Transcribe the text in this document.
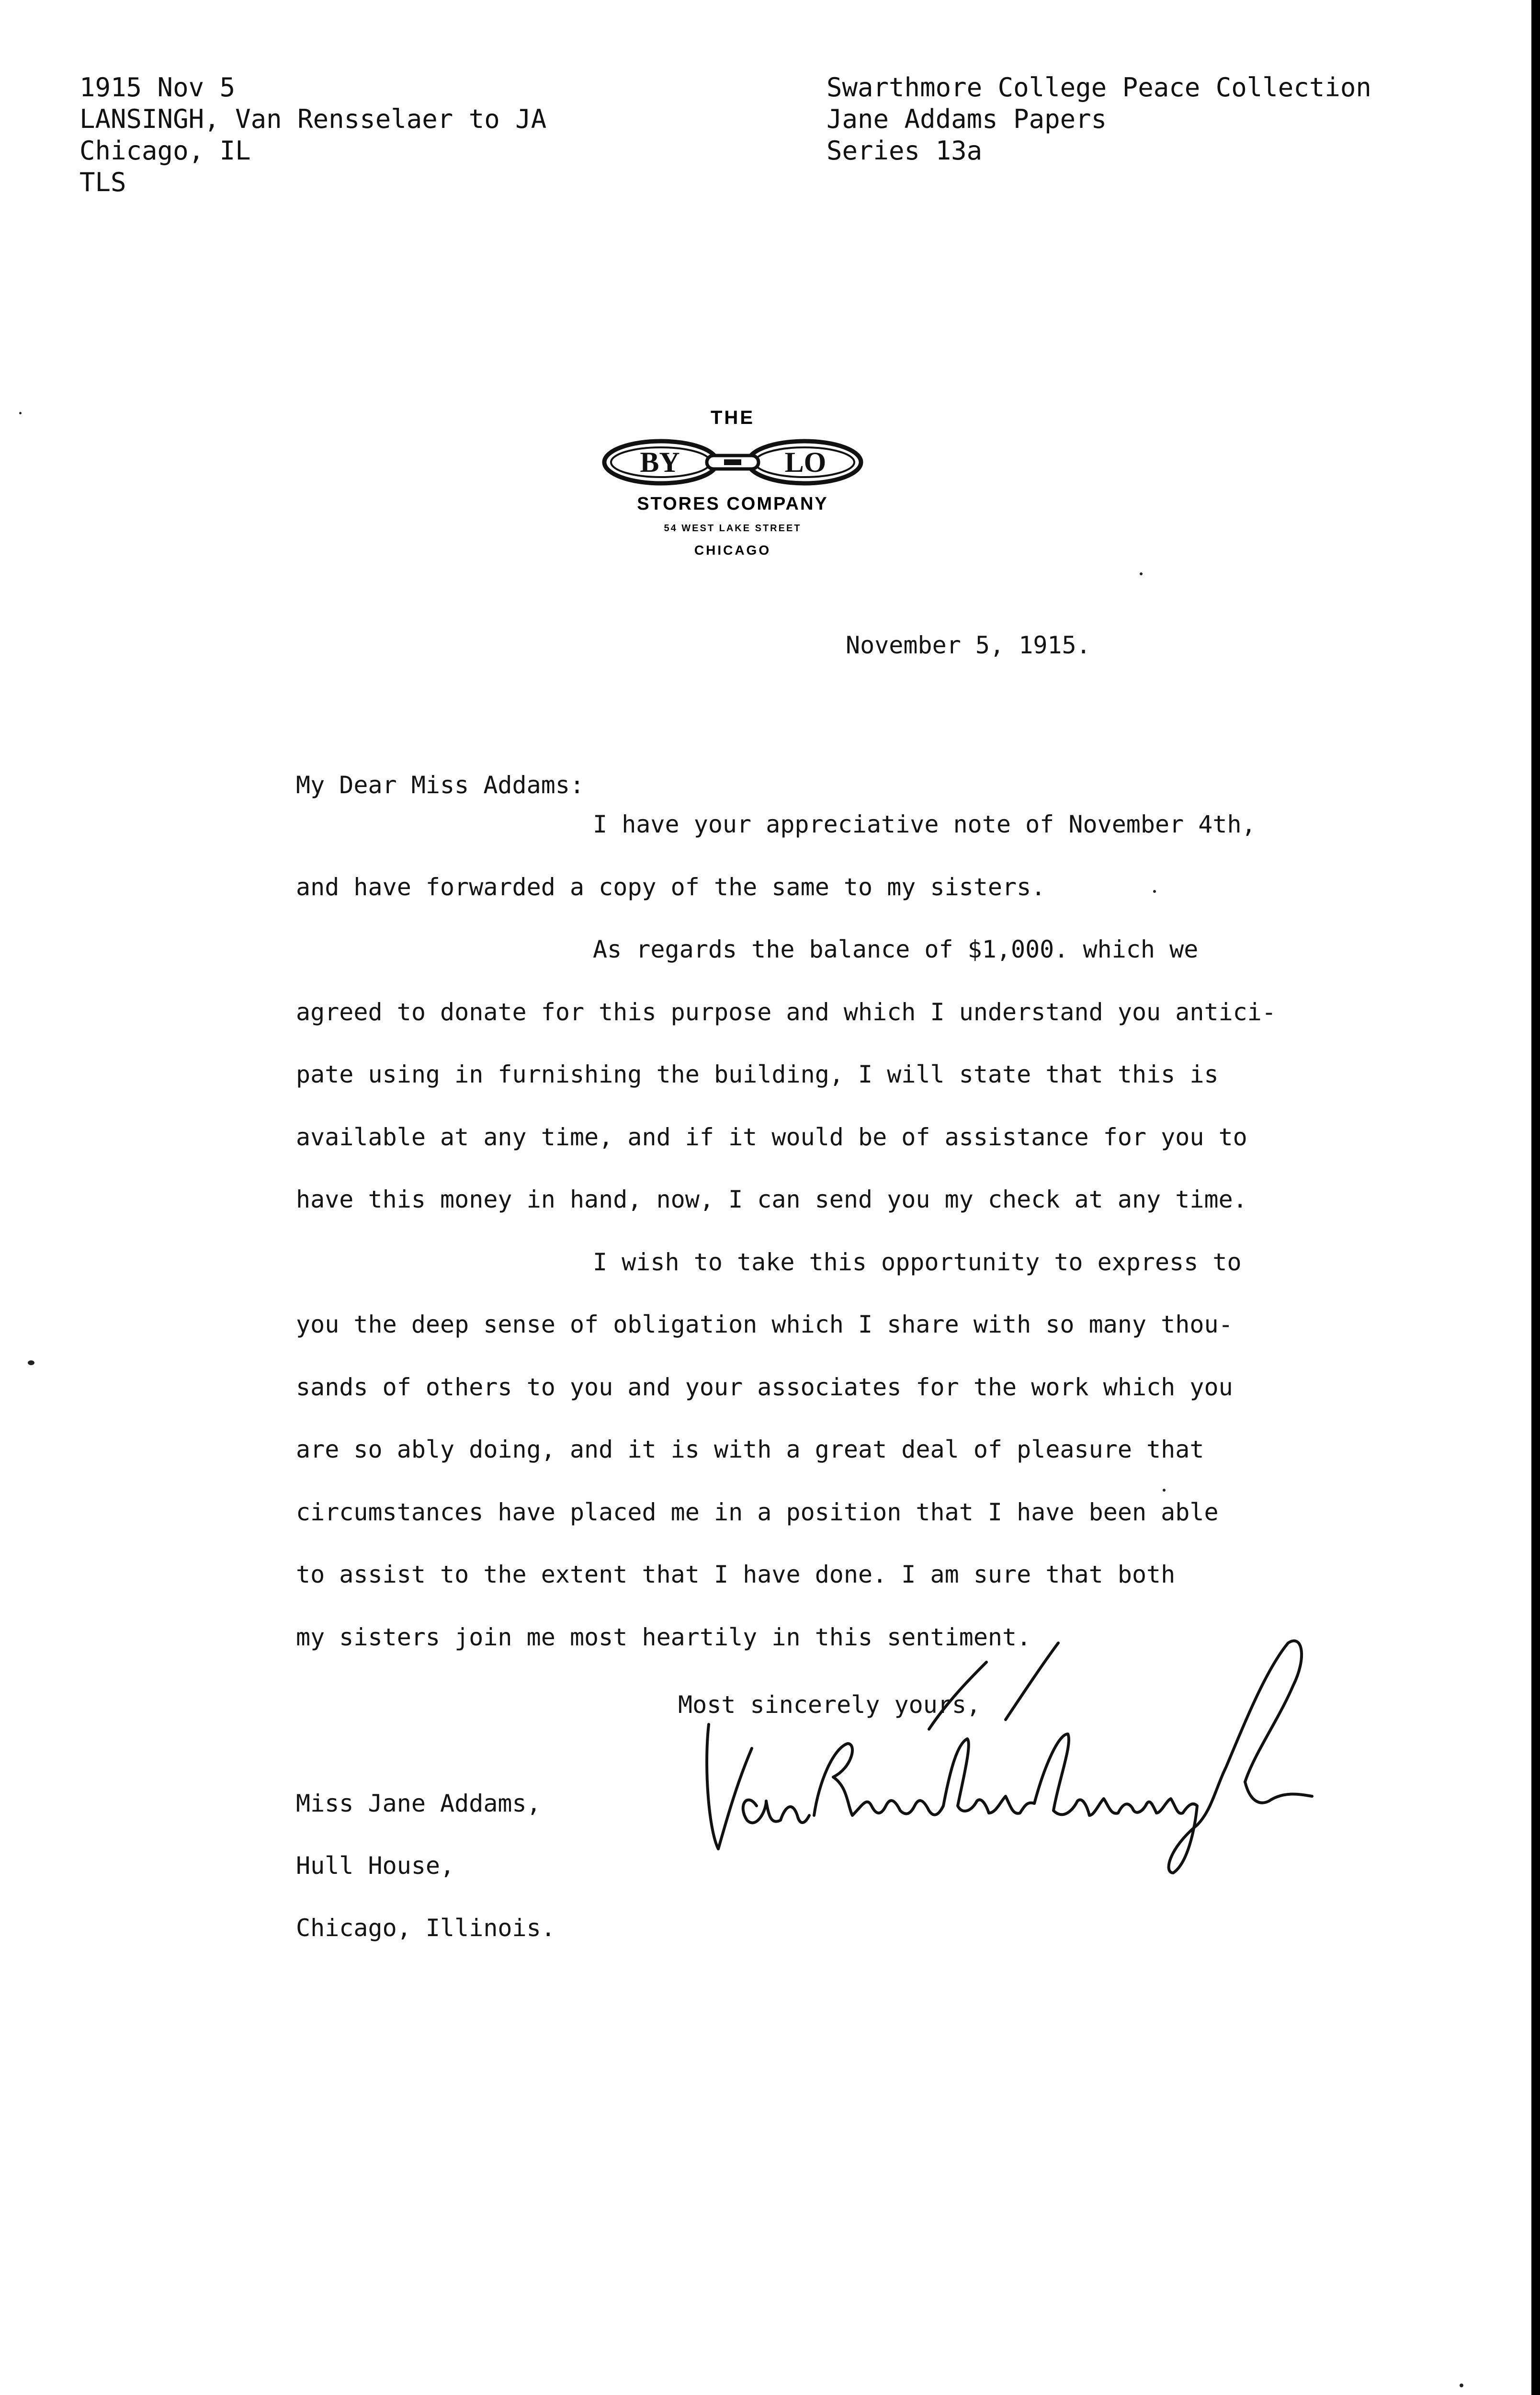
1915 Nov 5
LANSINGH, Van Rensselaer to JA
Chicago, IL
TLS
Swarthmore College Peace Collection
Jane Addams Papers
Series 13a
THE
BY	LO
STORES COMPANY
54 WEST LAKE STREET
CHICAGO
November 5, 1915.
My Dear Miss Addams:
I have your appreciative note of November 4th,
and have forwarded a copy of the same to my sisters.
As regards the balance of $1,000. which we
agreed to donate for this purpose and which I understand you antici-
pate using in furnishing the building, I will state that this is
available at any time, and if it would be of assistance for you to
have this money in hand, now, I can send you my check at any time.
I wish to take this opportunity to express to
you the deep sense of obligation which I share with so many thou-
sands of others to you and your associates for the work which you
are so ably doing, and it is with a great deal of pleasure that
circumstances have placed me in a position that I have been able
to assist to the extent that I have done. I am sure that both
my sisters join me most heartily in this sentiment.
Most sincerely yours,
Miss Jane Addams,
Hull House,
Chicago, Illinois.
